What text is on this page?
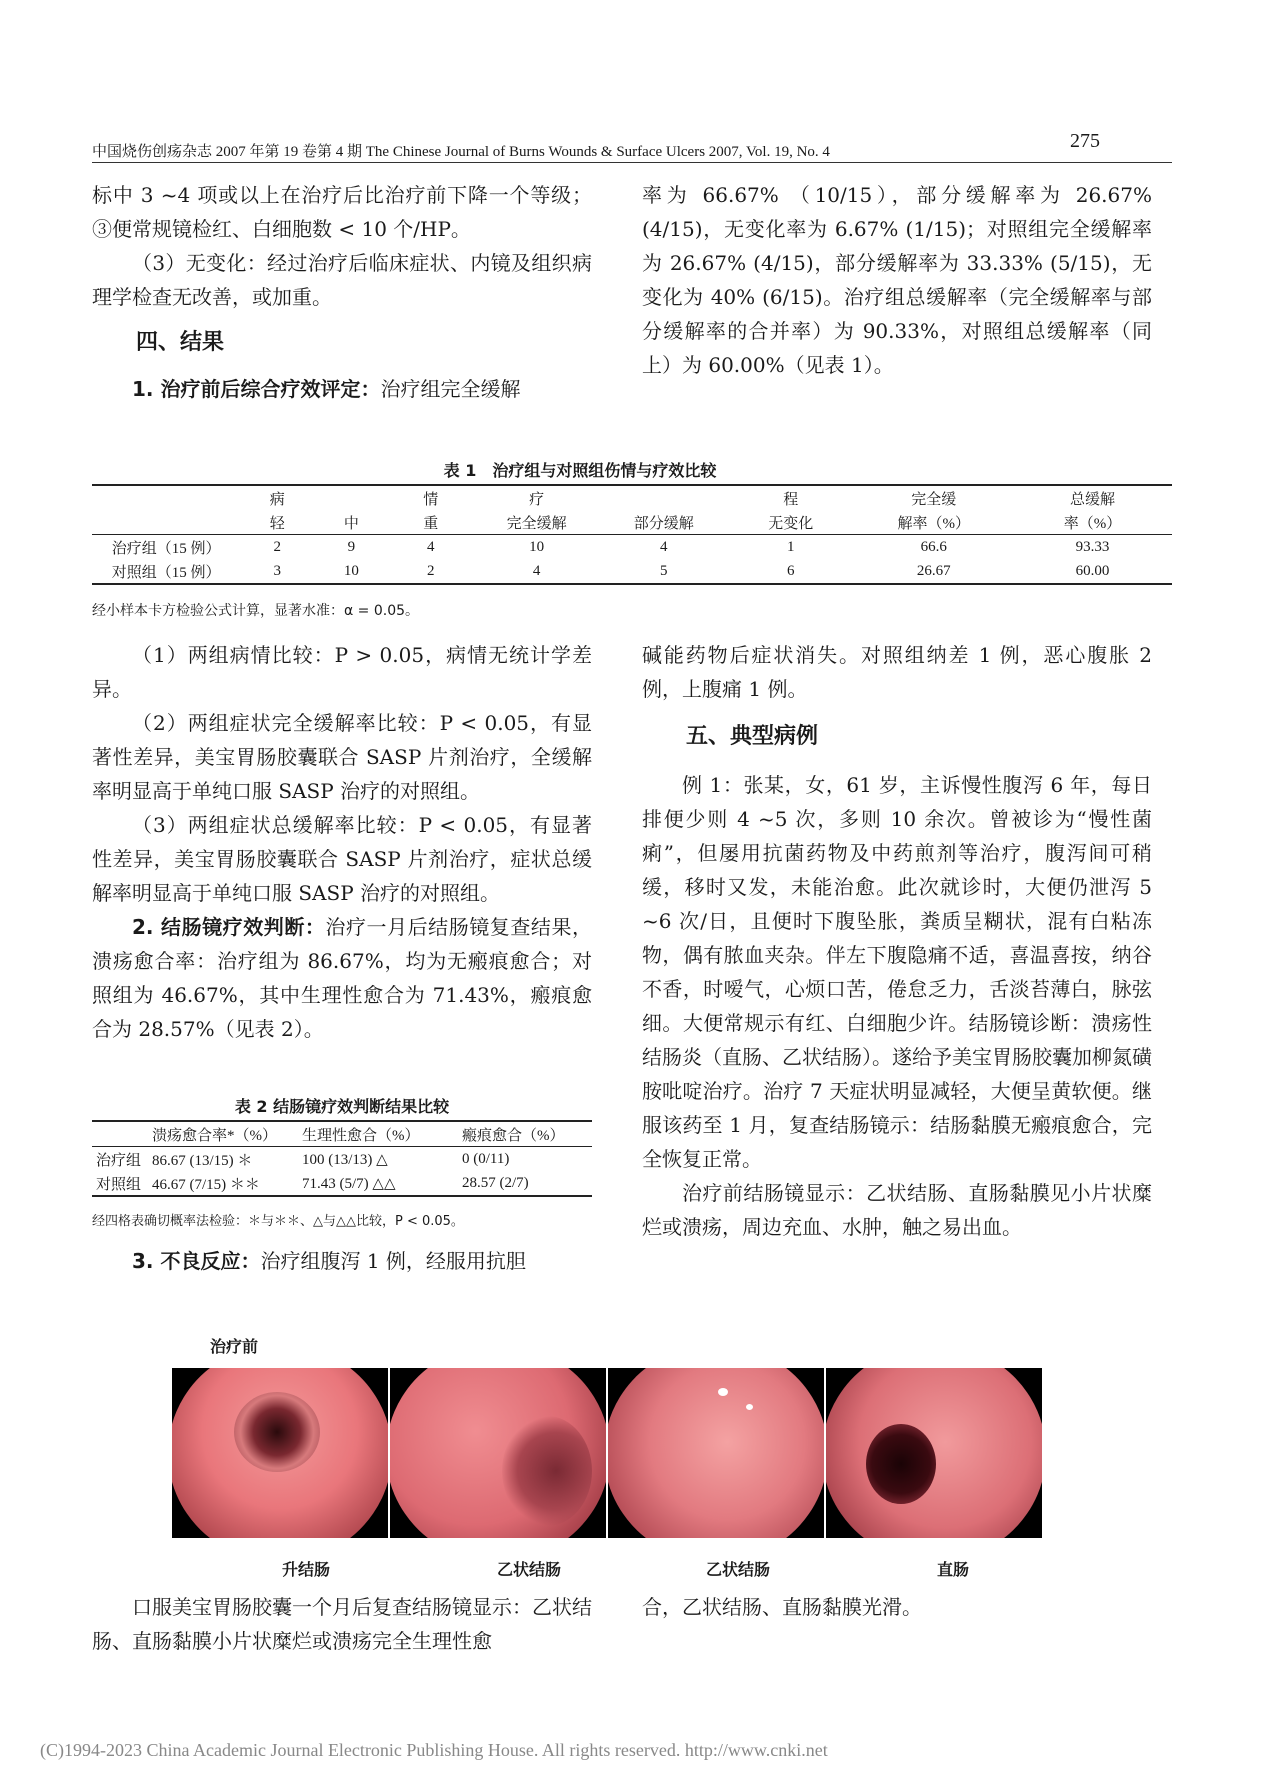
中国烧伤创疡杂志 2007 年第 19 卷第 4 期 The Chinese Journal of Burns Wounds & Surface Ulcers 2007, Vol. 19, No. 4	275

标中 3 ~4 项或以上在治疗后比治疗前下降一个等级；③便常规镜检红、白细胞数 < 10 个/HP。

（3）无变化：经过治疗后临床症状、内镜及组织病理学检查无改善，或加重。

四、结果

1. 治疗前后综合疗效评定：治疗组完全缓解

率为 66.67% （10/15），部分缓解率为 26.67% (4/15)，无变化率为 6.67% (1/15)；对照组完全缓解率为 26.67% (4/15)，部分缓解率为 33.33% (5/15)，无变化为 40% (6/15)。治疗组总缓解率（完全缓解率与部分缓解率的合并率）为 90.33%，对照组总缓解率（同上）为 60.00%（见表 1）。

表 1　治疗组与对照组伤情与疗效比较
	病		情	疗		程	完全缓	总缓解
	轻	中	重	完全缓解	部分缓解	无变化	解率（%）	率（%）
治疗组（15 例）	2	9	4	10	4	1	66.6	93.33
对照组（15 例）	3	10	2	4	5	6	26.67	60.00
经小样本卡方检验公式计算，显著水准：α = 0.05。

（1）两组病情比较：P > 0.05，病情无统计学差异。

（2）两组症状完全缓解率比较：P < 0.05，有显著性差异，美宝胃肠胶囊联合 SASP 片剂治疗，全缓解率明显高于单纯口服 SASP 治疗的对照组。

（3）两组症状总缓解率比较：P < 0.05，有显著性差异，美宝胃肠胶囊联合 SASP 片剂治疗，症状总缓解率明显高于单纯口服 SASP 治疗的对照组。

2. 结肠镜疗效判断：治疗一月后结肠镜复查结果，溃疡愈合率：治疗组为 86.67%，均为无瘢痕愈合；对照组为 46.67%，其中生理性愈合为 71.43%，瘢痕愈合为 28.57%（见表 2）。

表 2 结肠镜疗效判断结果比较
	溃疡愈合率*（%）	生理性愈合（%）	瘢痕愈合（%）
治疗组	86.67 (13/15) ＊	100 (13/13) △	0 (0/11)
对照组	46.67 (7/15) ＊＊	71.43 (5/7) △△	28.57 (2/7)
经四格表确切概率法检验：＊与＊＊、△与△△比较，P < 0.05。

3. 不良反应：治疗组腹泻 1 例，经服用抗胆

碱能药物后症状消失。对照组纳差 1 例，恶心腹胀 2 例，上腹痛 1 例。

五、典型病例

例 1：张某，女，61 岁，主诉慢性腹泻 6 年，每日排便少则 4 ~5 次，多则 10 余次。曾被诊为“慢性菌痢”，但屡用抗菌药物及中药煎剂等治疗，腹泻间可稍缓，移时又发，未能治愈。此次就诊时，大便仍泄泻 5 ~6 次/日，且便时下腹坠胀，粪质呈糊状，混有白粘冻物，偶有脓血夹杂。伴左下腹隐痛不适，喜温喜按，纳谷不香，时嗳气，心烦口苦，倦怠乏力，舌淡苔薄白，脉弦细。大便常规示有红、白细胞少许。结肠镜诊断：溃疡性结肠炎（直肠、乙状结肠）。遂给予美宝胃肠胶囊加柳氮磺胺吡啶治疗。治疗 7 天症状明显减轻，大便呈黄软便。继服该药至 1 月，复查结肠镜示：结肠黏膜无瘢痕愈合，完全恢复正常。

治疗前结肠镜显示：乙状结肠、直肠黏膜见小片状糜烂或溃疡，周边充血、水肿，触之易出血。

治疗前
升结肠	乙状结肠	乙状结肠	直肠

口服美宝胃肠胶囊一个月后复查结肠镜显示：乙状结肠、直肠黏膜小片状糜烂或溃疡完全生理性愈

合，乙状结肠、直肠黏膜光滑。

(C)1994-2023 China Academic Journal Electronic Publishing House. All rights reserved. http://www.cnki.net
